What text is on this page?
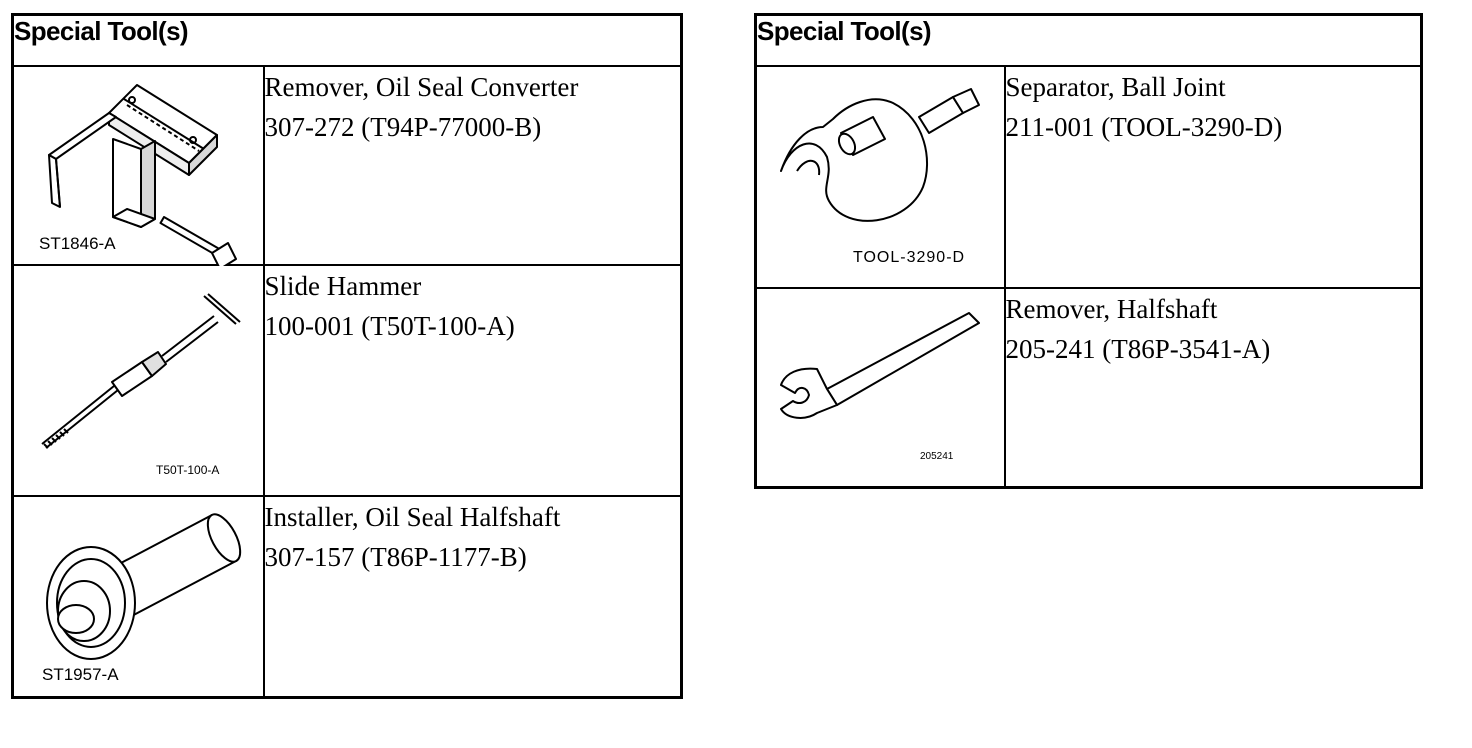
Special Tool(s)	

ST1846-A	Remover, Oil Seal Converter
307-272 (T94P-77000-B)

T50T-100-A	Slide Hammer
100-001 (T50T-100-A)

ST1957-A	Installer, Oil Seal Halfshaft
307-157 (T86P-1177-B)
Special Tool(s)	

TOOL-3290-D	Separator, Ball Joint
211-001 (TOOL-3290-D)

205241	Remover, Halfshaft
205-241 (T86P-3541-A)
